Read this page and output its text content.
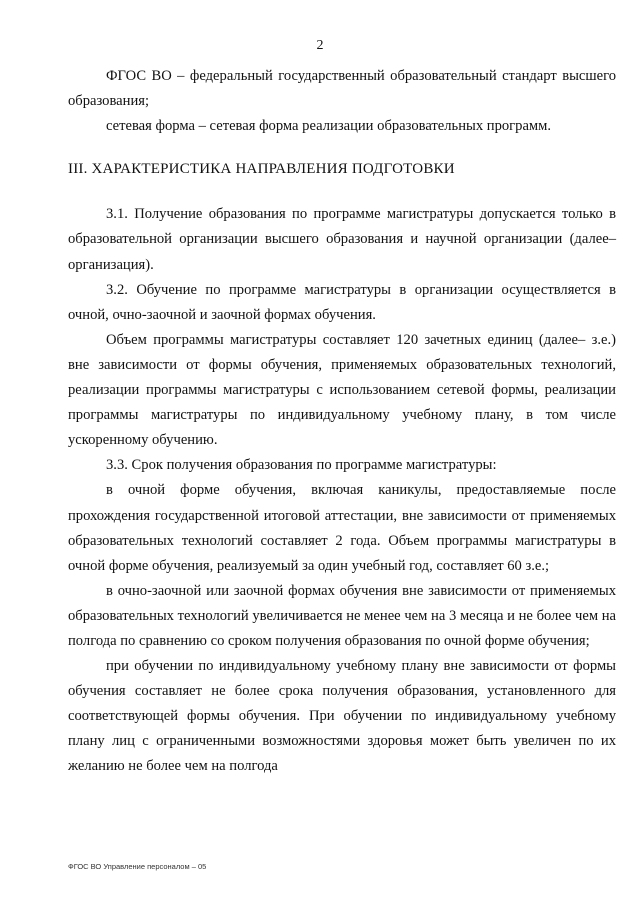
2

ФГОС ВО – федеральный государственный образовательный стандарт высшего образования;

сетевая форма – сетевая форма реализации образовательных программ.

III. ХАРАКТЕРИСТИКА НАПРАВЛЕНИЯ ПОДГОТОВКИ

3.1. Получение образования по программе магистратуры допускается только в образовательной организации высшего образования и научной организации (далее– организация).

3.2. Обучение по программе магистратуры в организации осуществляется в очной, очно-заочной и заочной формах обучения.

Объем программы магистратуры составляет 120 зачетных единиц (далее– з.е.) вне зависимости от формы обучения, применяемых образовательных технологий, реализации программы магистратуры с использованием сетевой формы, реализации программы магистратуры по индивидуальному учебному плану, в том числе ускоренному обучению.

3.3. Срок получения образования по программе магистратуры:

в очной форме обучения, включая каникулы, предоставляемые после прохождения государственной итоговой аттестации, вне зависимости от применяемых образовательных технологий составляет 2 года. Объем программы магистратуры в очной форме обучения, реализуемый за один учебный год, составляет 60 з.е.;

в очно-заочной или заочной формах обучения вне зависимости от применяемых образовательных технологий увеличивается не менее чем на 3 месяца и не более чем на полгода по сравнению со сроком получения образования по очной форме обучения;

при обучении по индивидуальному учебному плану вне зависимости от формы обучения составляет не более срока получения образования, установленного для соответствующей формы обучения. При обучении по индивидуальному учебному плану лиц с ограниченными возможностями здоровья может быть увеличен по их желанию не более чем на полгода

ФГОС ВО Управление персоналом – 05
